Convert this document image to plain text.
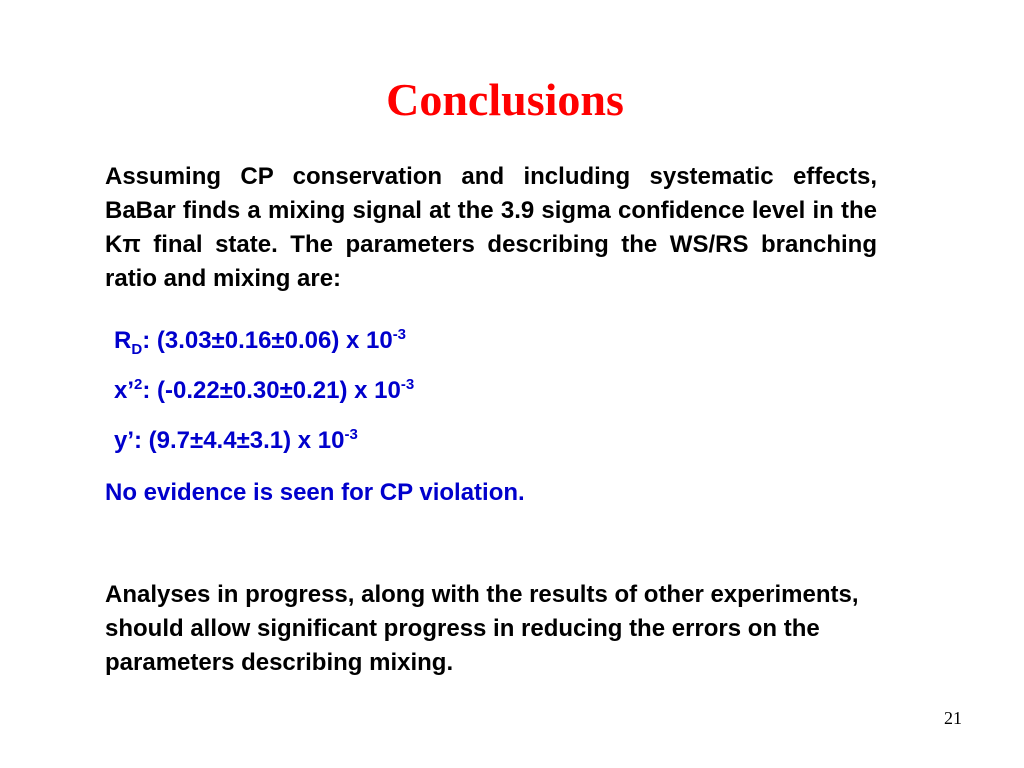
Conclusions
Assuming CP conservation and including systematic effects, BaBar finds a mixing signal at the 3.9 sigma confidence level in the Kπ final state. The parameters describing the WS/RS branching ratio and mixing are:
$R_D$: (3.03±0.16±0.06) x $10^{-3}$
x’$^2$: (-0.22±0.30±0.21) x $10^{-3}$
y’: (9.7±4.4±3.1) x $10^{-3}$
No evidence is seen for CP violation.
Analyses in progress, along with the results of other experiments, should allow significant progress in reducing the errors on the parameters describing mixing.
21
